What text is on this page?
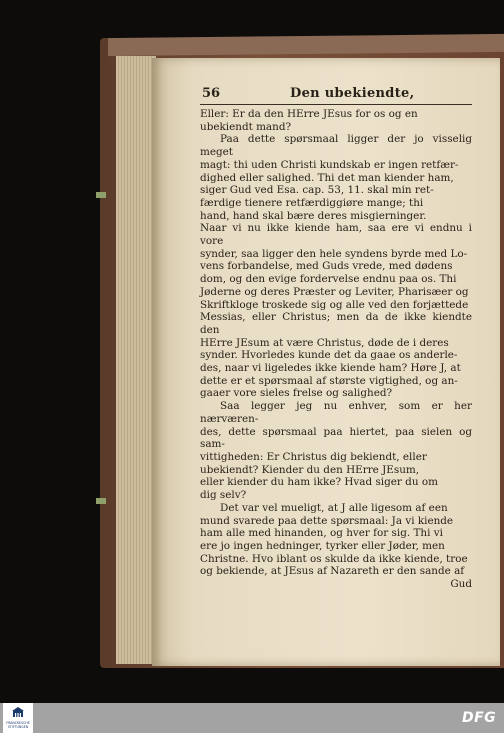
56	Den ubekiendte,

Eller: Er da den HErre JEsus for os og en

ubekiendt mand?

Paa dette spørsmaal ligger der jo visselig meget

magt: thi uden Christi kundskab er ingen retfær-

dighed eller salighed. Thi det man kiender ham,

siger Gud ved Esa. cap. 53, 11. skal min ret-

færdige tienere retfærdiggiøre mange; thi

hand, hand skal bære deres misgierninger.

Naar vi nu ikke kiende ham, saa ere vi endnu i vore

synder, saa ligger den hele syndens byrde med Lo-

vens forbandelse, med Guds vrede, med dødens

dom, og den evige fordervelse endnu paa os. Thi

Jøderne og deres Præster og Leviter, Pharisæer og

Skriftkloge troskede sig og alle ved den forjættede

Messias, eller Christus; men da de ikke kiendte den

HErre JEsum at være Christus, døde de i deres

synder. Hvorledes kunde det da gaae os anderle-

des, naar vi ligeledes ikke kiende ham? Høre J, at

dette er et spørsmaal af største vigtighed, og an-

gaaer vore sieles frelse og salighed?

Saa legger jeg nu enhver, som er her nærværen-

des, dette spørsmaal paa hiertet, paa sielen og sam-

vittigheden: Er Christus dig bekiendt, eller

ubekiendt? Kiender du den HErre JEsum,

eller kiender du ham ikke? Hvad siger du om

dig selv?

Det var vel mueligt, at J alle ligesom af een

mund svarede paa dette spørsmaal: Ja vi kiende

ham alle med hinanden, og hver for sig. Thi vi

ere jo ingen hedninger, tyrker eller Jøder, men

Christne. Hvo iblant os skulde da ikke kiende, troe

og bekiende, at JEsus af Nazareth er den sande af

Gud
FRANCKESCHE STIFTUNGEN
DFG
